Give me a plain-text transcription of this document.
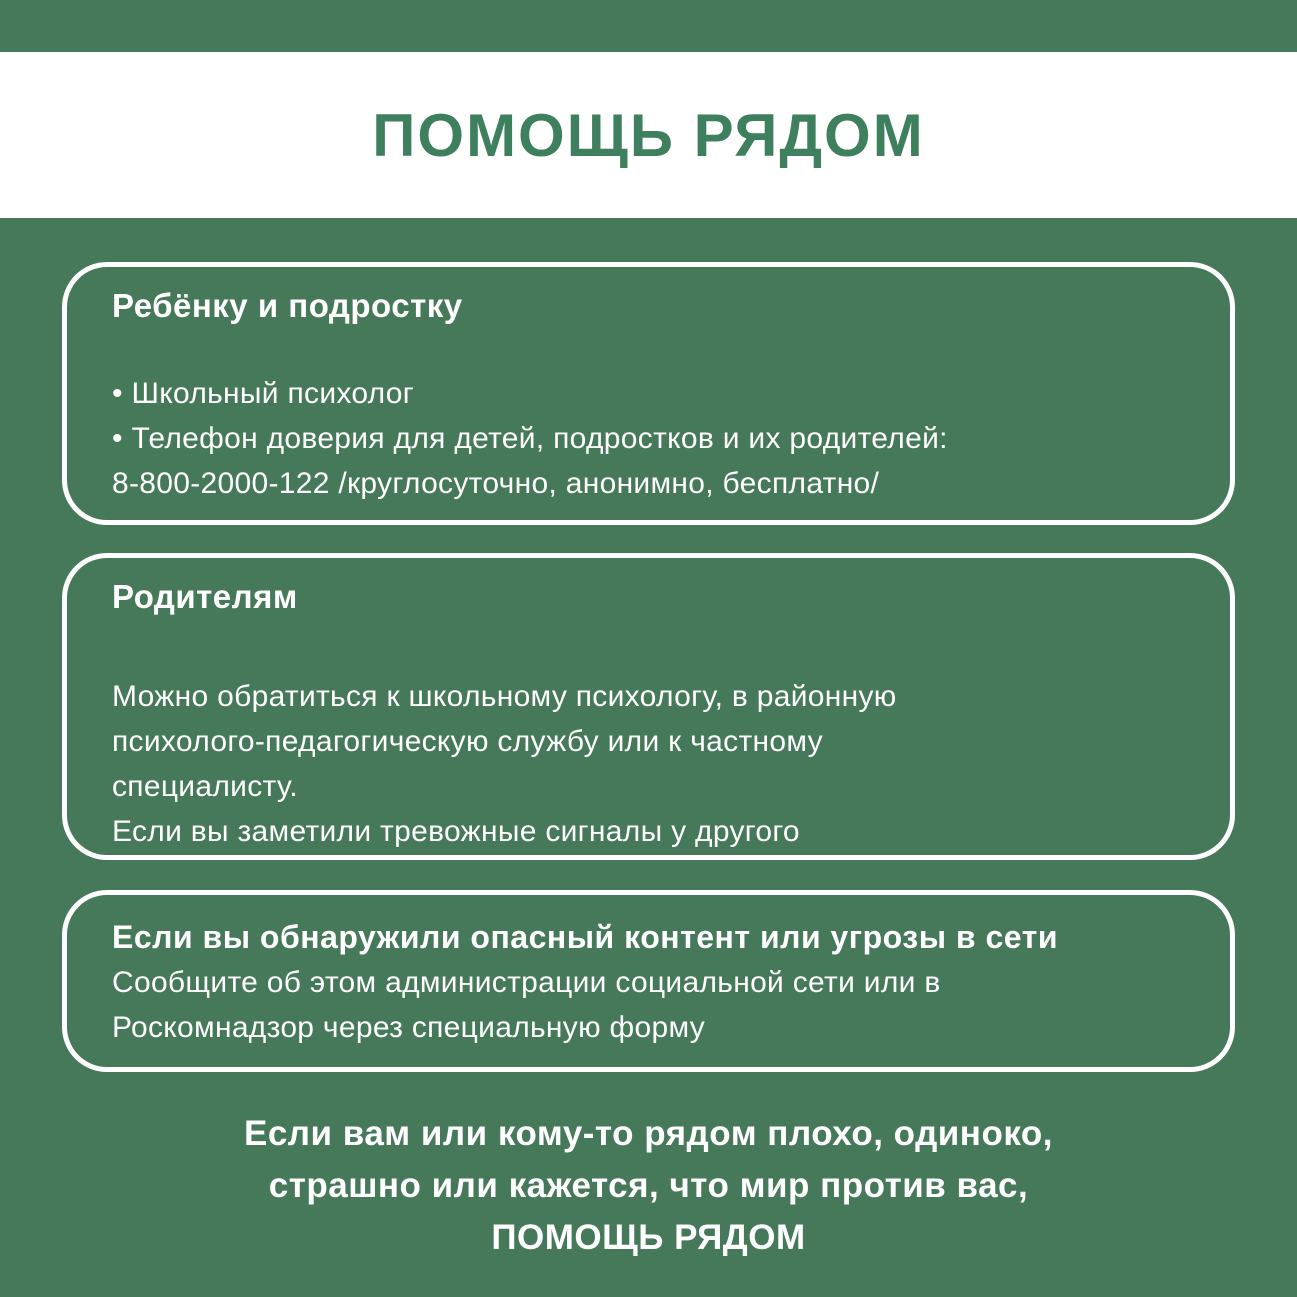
ПОМОЩЬ РЯДОМ
Ребёнку и подростку
• Школьный психолог
• Телефон доверия для детей, подростков и их родителей:
8-800-2000-122 /круглосуточно, анонимно, бесплатно/
Родителям
Можно обратиться к школьному психологу, в районную
психолого-педагогическую службу или к частному
специалисту.
Если вы заметили тревожные сигналы у другого
Если вы обнаружили опасный контент или угрозы в сети
Сообщите об этом администрации социальной сети или в
Роскомнадзор через специальную форму
Если вам или кому-то рядом плохо, одиноко,
страшно или кажется, что мир против вас,
ПОМОЩЬ РЯДОМ
